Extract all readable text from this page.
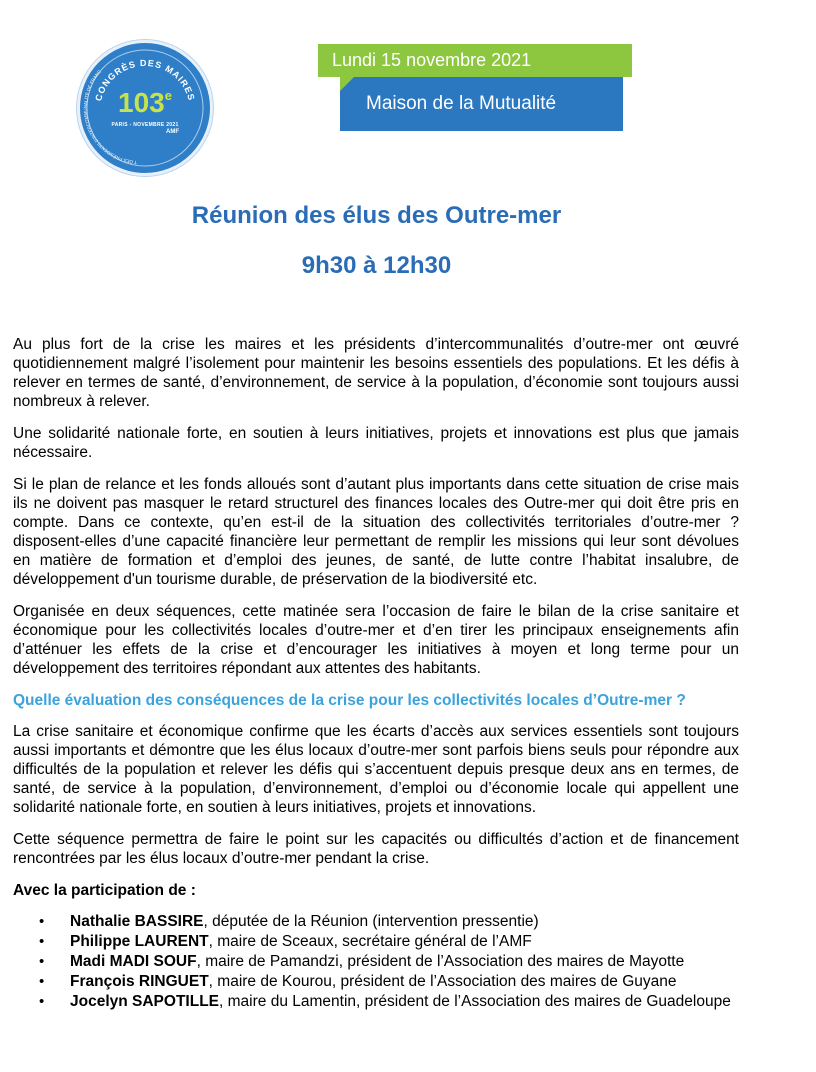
CONGRÈS DES MAIRES
T DES PRÉSIDENTS D'INTERCOMMUNALITÉ DE FRANC
103e
PARIS - NOVEMBRE 2021
AMF
Lundi 15 novembre 2021
Maison de la Mutualité
Réunion des élus des Outre-mer
9h30 à 12h30

Au plus fort de la crise les maires et les présidents d’intercommunalités d’outre-mer ont œuvré quotidiennement malgré l’isolement pour maintenir les besoins essentiels des populations. Et les défis à relever en termes de santé, d’environnement, de service à la population, d’économie sont toujours aussi nombreux à relever.

Une solidarité nationale forte, en soutien à leurs initiatives, projets et innovations est plus que jamais nécessaire.

Si le plan de relance et les fonds alloués sont d’autant plus importants dans cette situation de crise mais ils ne doivent pas masquer le retard structurel des finances locales des Outre-mer qui doit être pris en compte. Dans ce contexte, qu’en est-il de la situation des collectivités territoriales d’outre-mer ? disposent-elles d’une capacité financière leur permettant de remplir les missions qui leur sont dévolues en matière de formation et d’emploi des jeunes, de santé, de lutte contre l’habitat insalubre, de développement d'un tourisme durable, de préservation de la biodiversité etc.

Organisée en deux séquences, cette matinée sera l’occasion de faire le bilan de la crise sanitaire et économique pour les collectivités locales d’outre-mer et d’en tirer les principaux enseignements afin d’atténuer les effets de la crise et d’encourager les initiatives à moyen et long terme pour un développement des territoires répondant aux attentes des habitants.

Quelle évaluation des conséquences de la crise pour les collectivités locales d’Outre-mer ?

La crise sanitaire et économique confirme que les écarts d’accès aux services essentiels sont toujours aussi importants et démontre que les élus locaux d’outre-mer sont parfois biens seuls pour répondre aux difficultés de la population et relever les défis qui s’accentuent depuis presque deux ans en termes, de santé, de service à la population, d’environnement, d’emploi ou d’économie locale qui appellent une solidarité nationale forte, en soutien à leurs initiatives, projets et innovations.

Cette séquence permettra de faire le point sur les capacités ou difficultés d’action et de financement rencontrées par les élus locaux d’outre-mer pendant la crise.

Avec la participation de :

• Nathalie BASSIRE, députée de la Réunion (intervention pressentie)
• Philippe LAURENT, maire de Sceaux, secrétaire général de l’AMF
• Madi MADI SOUF, maire de Pamandzi, président de l’Association des maires de Mayotte
• François RINGUET, maire de Kourou, président de l’Association des maires de Guyane
• Jocelyn SAPOTILLE, maire du Lamentin, président de l’Association des maires de Guadeloupe
